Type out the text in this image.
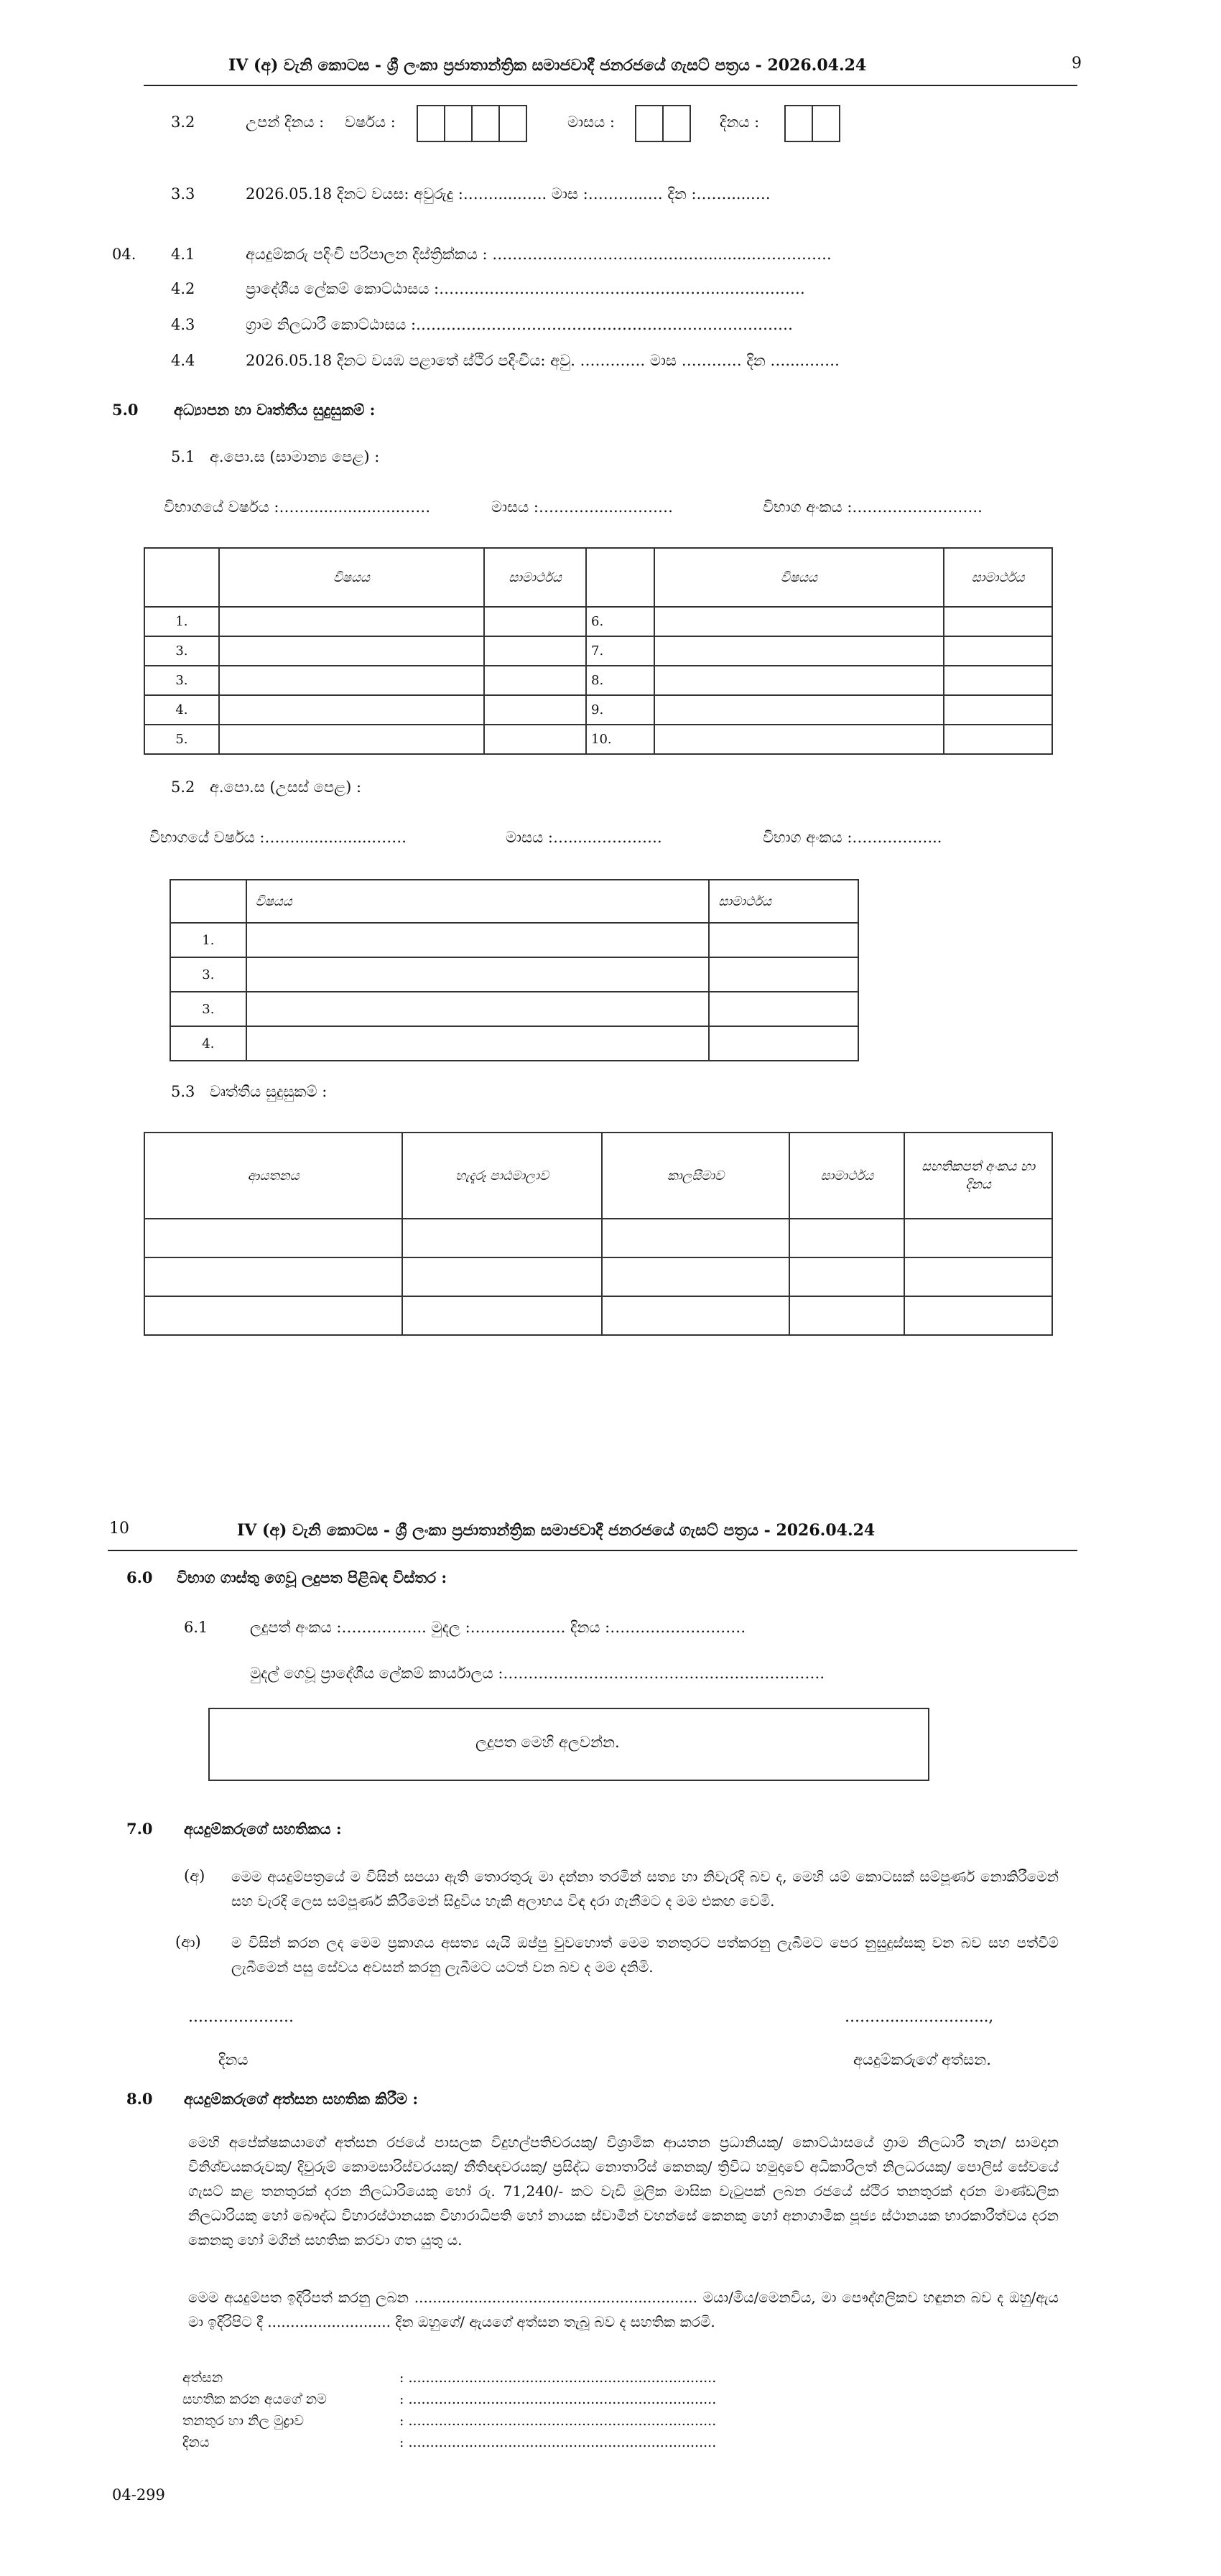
IV (අ) වැනි කොටස - ශ්‍රී ලංකා ප්‍රජාතාන්ත්‍රික සමාජවාදී ජනරජයේ ගැසට් පත්‍රය - 2026.04.24	9
3.2	උපන් දිනය : වර්ෂය :	මාසය :	දිනය :
3.3	2026.05.18 දිනට වයස: අවුරුදු :……......….. මාස :………...… දින :…….....….
04. 4.1	අයදුම්කරු පදිංචි පරිපාලන දිස්ත්‍රික්කය : ……………………………………..........…………….
4.2	ප්‍රාදේශීය ලේකම් කොට්ඨාසය :………………………………………………....……………
4.3	ග්‍රාම නිලධාරී කොට්ඨාසය :…………………………………………………………………
4.4	2026.05.18 දිනට වයඹ පළාතේ ස්ථිර පදිංචිය: අවු. …………. මාස ………… දින …....…….
5.0 අධ්‍යාපන හා වෘත්තීය සුදුසුකම් :
5.1 අ.පො.ස (සාමාන්‍ය පෙළ) :
විභාගයේ වර්ෂය :……...................……	මාසය :…………......………	විභාග අංකය :……………………..
	විෂයය	සාමාර්ථය		විෂයය	සාමාර්ථය
1.			6.		
3.			7.		
3.			8.		
4.			9.		
5.			10.		
5.2 අ.පො.ස (උසස් පෙළ) :
විභාගයේ වර්ෂය :……................…….	මාසය :…......………….	විභාග අංකය :……………...
	විෂයය	සාමාර්ථය
1.		
3.		
3.		
4.		
5.3 වෘත්තීය සුදුසුකම් :
ආයතනය	හැදෑරූ පාඨමාලාව	කාලසීමාව	සාමාර්ථය	සහතිකපත් අංකය හා දිනය

10	IV (අ) වැනි කොටස - ශ්‍රී ලංකා ප්‍රජාතාන්ත්‍රික සමාජවාදී ජනරජයේ ගැසට් පත්‍රය - 2026.04.24
6.0 විභාග ගාස්තු ගෙවූ ලදුපත පිළිබඳ විස්තර :
6.1	ලදුපත් අංකය :…………….. මුදල :………………. දිනය :………………………
මුදල් ගෙවූ ප්‍රාදේශීය ලේකම් කාර්යාලය :……………………………………………………….
ලදුපත මෙහි අලවන්න.
7.0 අයදුම්කරුගේ සහතිකය :
(අ) මෙම අයදුම්පත්‍රයේ ම විසින් සපයා ඇති තොරතුරු මා දන්නා තරමින් සත්‍ය හා නිවැරදි බව ද, මෙහි යම් කොටසක් සම්පූර්ණ නොකිරීමෙන් සහ වැරදි ලෙස සම්පූර්ණ කිරීමෙන් සිදුවිය හැකි අලාභය විඳ දරා ගැනීමට ද මම එකඟ වෙමි.
(ආ) ම විසින් කරන ලද මෙම ප්‍රකාශය අසත්‍ය යැයි ඔප්පු වුවහොත් මෙම තනතුරට පත්කරනු ලැබීමට පෙර නුසුදුස්සකු වන බව සහ පත්වීම් ලැබීමෙන් පසු සේවය අවසන් කරනු ලැබීමට යටත් වන බව ද මම දනිමි.
…………………	………......…………..,
දිනය	අයදුම්කරුගේ අත්සන.
8.0 අයදුම්කරුගේ අත්සන සහතික කිරීම :
මෙහි අපේක්ෂකයාගේ අත්සන රජයේ පාසලක විදුහල්පතිවරයකු/ විශ්‍රාමික ආයතන ප්‍රධානියකු/ කොට්ඨාසයේ ග්‍රාම නිලධාරී තැන/ සාමදාන විනිශ්චයකරුවකු/ දිවුරුම් කොමසාරිස්වරයකු/ නීතිඥවරයකු/ ප්‍රසිද්ධ නොතාරිස් කෙනකු/ ත්‍රිවිධ හමුදාවේ අධිකාරිලත් නිලධරයකු/ පොලිස් සේවයේ ගැසට් කළ තනතුරක් දරන නිලධාරියෙකු හෝ රු. 71,240/- කට වැඩි මූලික මාසික වැටුපක් ලබන රජයේ ස්ථිර තනතුරක් දරන මාණ්ඩලික නිලධාරියකු හෝ බෞද්ධ විහාරස්ථානයක විහාරාධිපති හෝ නායක ස්වාමීන් වහන්සේ කෙනකු හෝ අනාගාමික පූජ්‍ය ස්ථානයක භාරකාරීත්වය දරන කෙනකු හෝ මගින් සහතික කරවා ගත යුතු ය.
මෙම අයදුම්පත ඉදිරිපත් කරනු ලබන .............................................................. මයා/මිය/මෙනවිය, මා පෞද්ගලිකව හඳුනන බව ද ඔහු/ඇය මා ඉදිරිපිට දී ........................... දින ඔහුගේ/ ඇයගේ අත්සන තැබූ බව ද සහතික කරමි.
අත්සන	: .......................................................................
සහතික කරන අයගේ නම	: .......................................................................
තනතුර හා නිල මුද්‍රාව	: .......................................................................
දිනය	: .......................................................................
04-299
